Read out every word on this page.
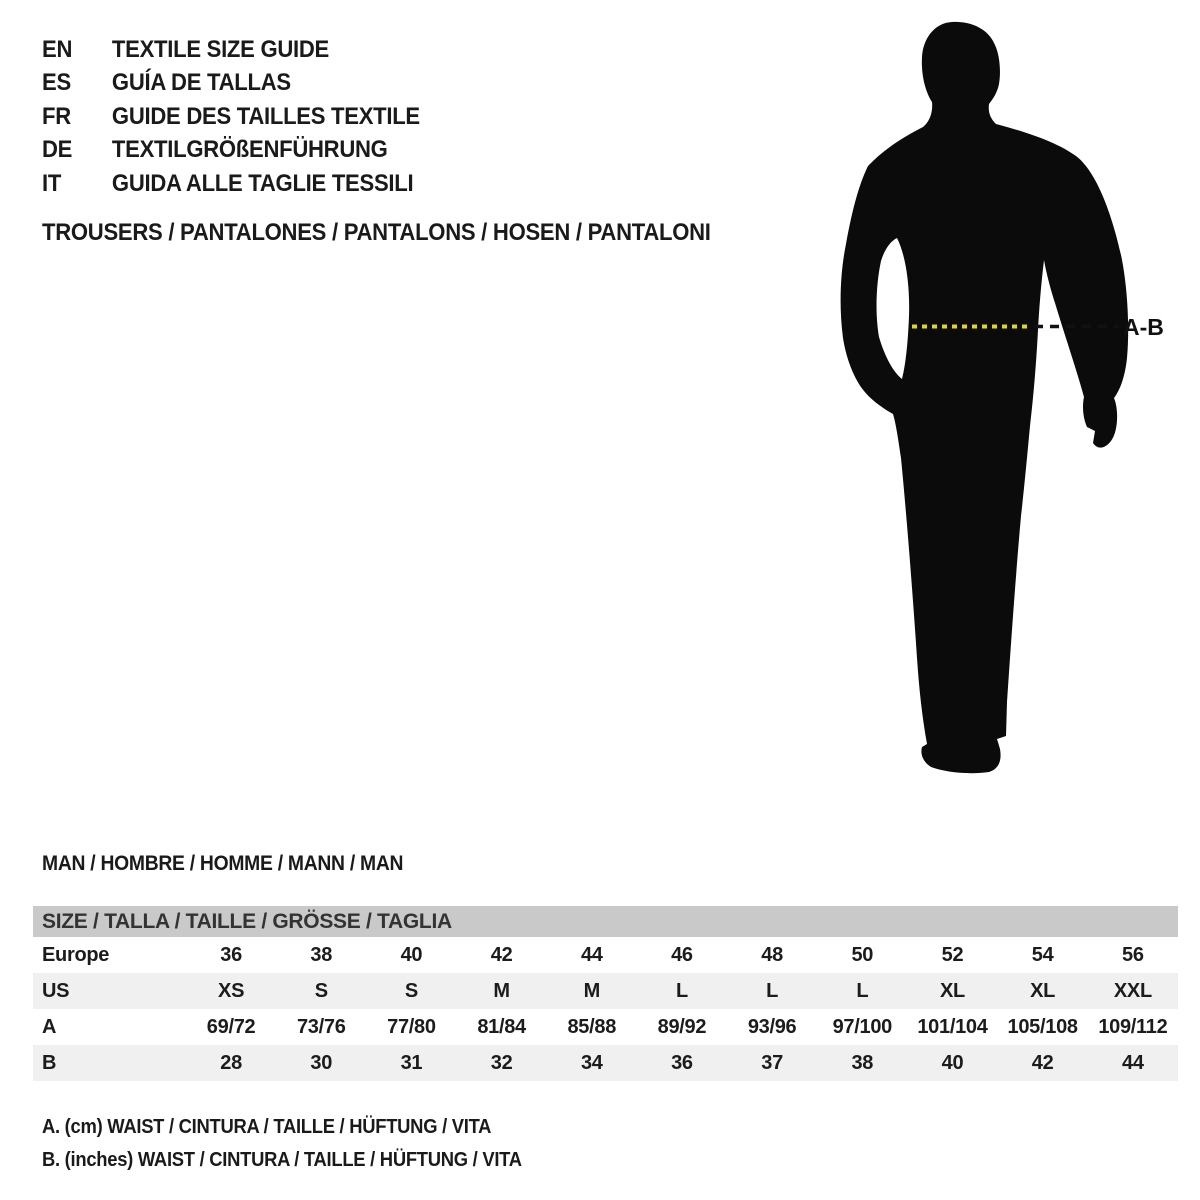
EN	TEXTILE SIZE GUIDE
ES	GUÍA DE TALLAS
FR	GUIDE DES TAILLES TEXTILE
DE	TEXTILGRÖßENFÜHRUNG
IT	GUIDA ALLE TAGLIE TESSILI
TROUSERS / PANTALONES / PANTALONS / HOSEN / PANTALONI
A-B
MAN / HOMBRE / HOMME / MANN / MAN
SIZE / TALLA / TAILLE / GRÖSSE / TAGLIA											
Europe	36	38	40	42	44	46	48	50	52	54	56
US	XS	S	S	M	M	L	L	L	XL	XL	XXL
A	69/72	73/76	77/80	81/84	85/88	89/92	93/96	97/100	101/104	105/108	109/112
B	28	30	31	32	34	36	37	38	40	42	44
A. (cm) WAIST / CINTURA / TAILLE / HÜFTUNG / VITA
B. (inches) WAIST / CINTURA / TAILLE / HÜFTUNG / VITA
